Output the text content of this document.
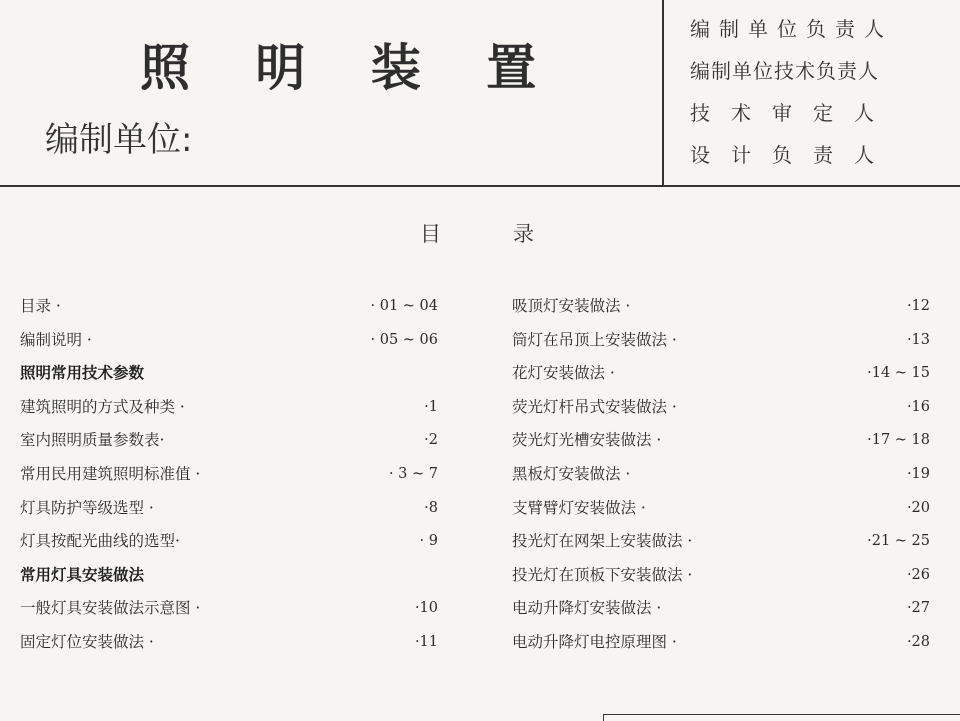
照 明 装 置
编制单位:
编制单位负责人
编制单位技术负责人
技术审定人
设计负责人
目	录
目录 ·	· 01 ~ 04
编制说明 ·	· 05 ~ 06
照明常用技术参数
建筑照明的方式及种类 ·	·1
室内照明质量参数表·	·2
常用民用建筑照明标准值 ·	· 3 ~ 7
灯具防护等级选型 ·	·8
灯具按配光曲线的选型·	· 9
常用灯具安装做法
一般灯具安装做法示意图 ·	·10
固定灯位安装做法 ·	·11
吸顶灯安装做法 ·	·12
筒灯在吊顶上安装做法 ·	·13
花灯安装做法 ·	·14 ~ 15
荧光灯杆吊式安装做法 ·	·16
荧光灯光槽安装做法 ·	·17 ~ 18
黑板灯安装做法 ·	·19
支臂臂灯安装做法 ·	·20
投光灯在网架上安装做法 ·	·21 ~ 25
投光灯在顶板下安装做法 ·	·26
电动升降灯安装做法 ·	·27
电动升降灯电控原理图 ·	·28
